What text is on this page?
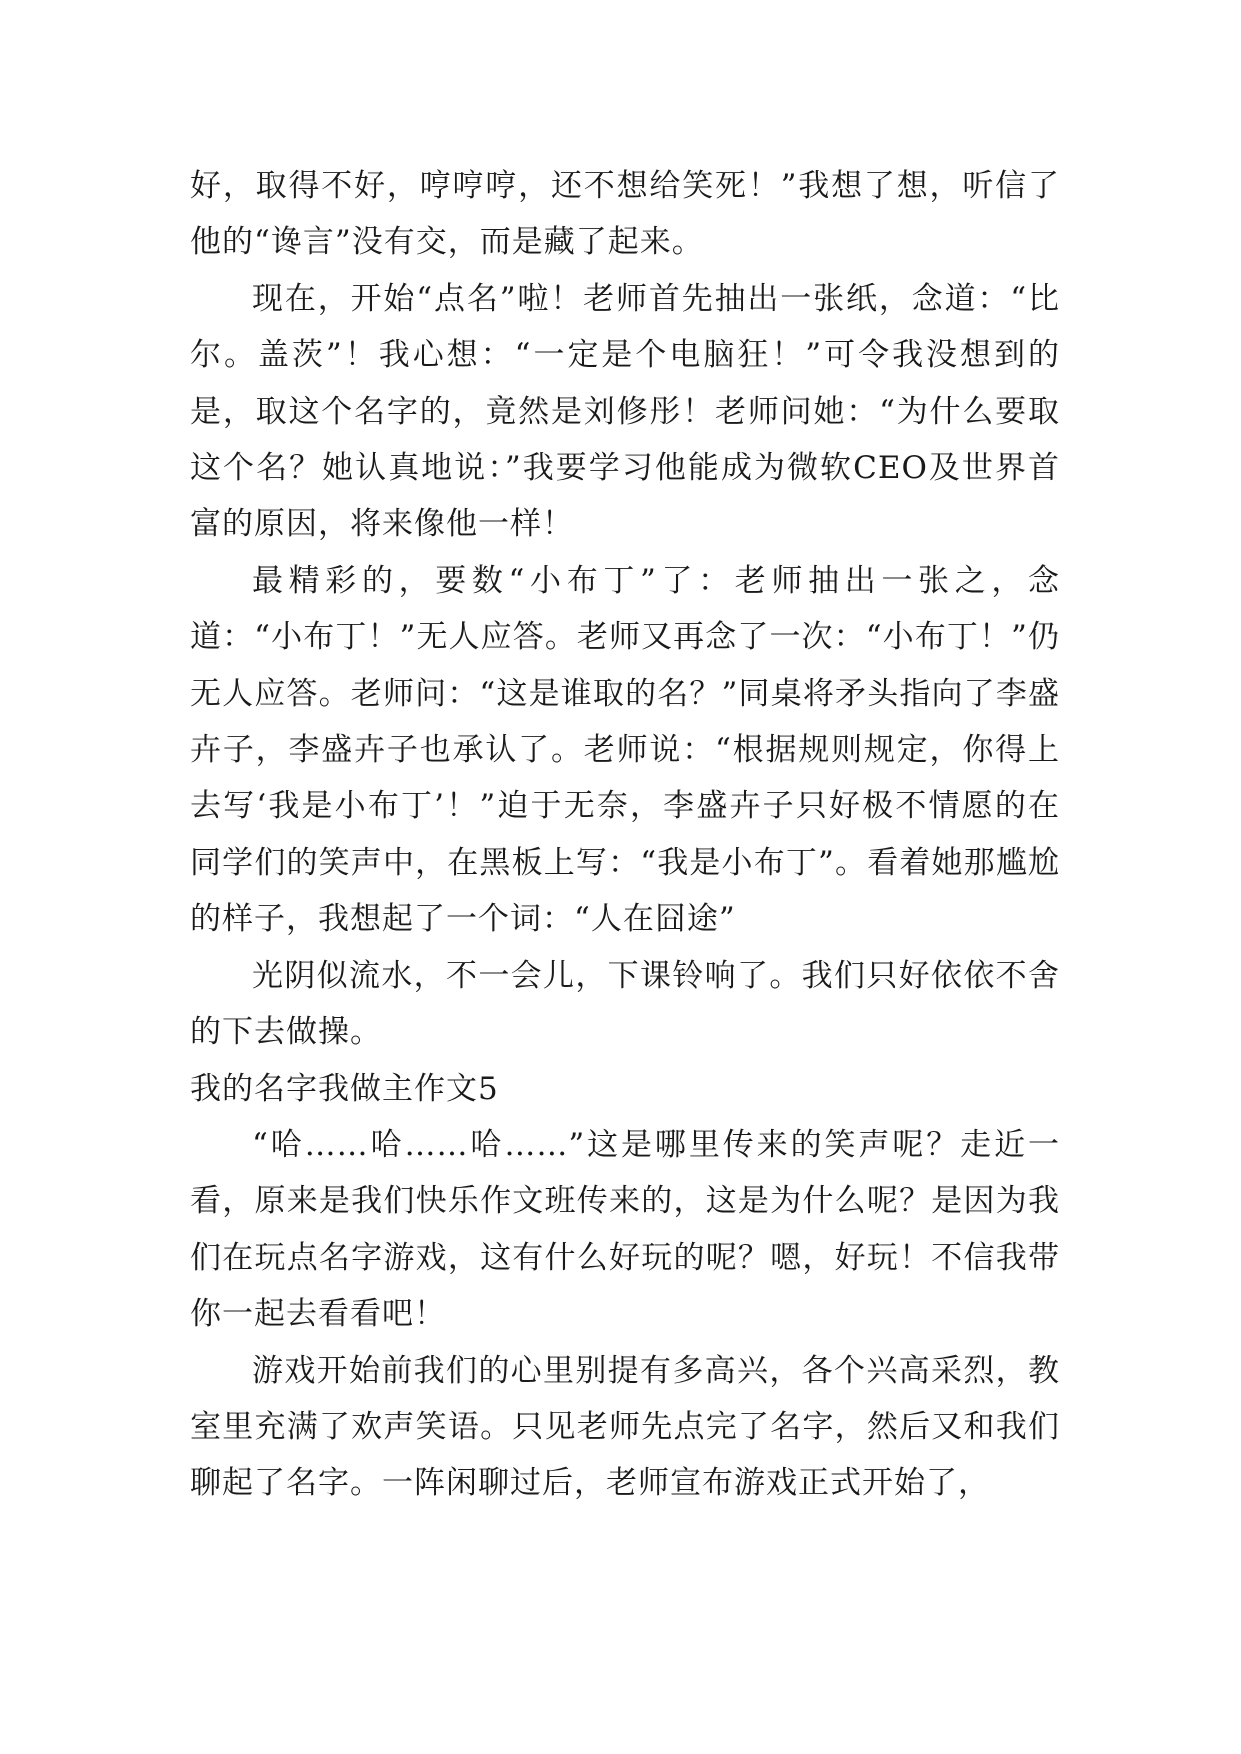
好，取得不好，哼哼哼，还不想给笑死！”我想了想，听信了他的“谗言”没有交，而是藏了起来。

现在，开始“点名”啦！老师首先抽出一张纸，念道：“比尔。盖茨”！我心想：“一定是个电脑狂！”可令我没想到的是，取这个名字的，竟然是刘修彤！老师问她：“为什么要取这个名？她认真地说：”我要学习他能成为微软CEO及世界首富的原因，将来像他一样！

最精彩的，要数“小布丁”了：老师抽出一张之，念道：“小布丁！”无人应答。老师又再念了一次：“小布丁！”仍无人应答。老师问：“这是谁取的名？”同桌将矛头指向了李盛卉子，李盛卉子也承认了。老师说：“根据规则规定，你得上去写‘我是小布丁’！”迫于无奈，李盛卉子只好极不情愿的在同学们的笑声中，在黑板上写：“我是小布丁”。看着她那尴尬的样子，我想起了一个词：“人在囧途”

光阴似流水，不一会儿，下课铃响了。我们只好依依不舍的下去做操。

我的名字我做主作文5

“哈……哈……哈……”这是哪里传来的笑声呢？走近一看，原来是我们快乐作文班传来的，这是为什么呢？是因为我们在玩点名字游戏，这有什么好玩的呢？嗯，好玩！不信我带你一起去看看吧！

游戏开始前我们的心里别提有多高兴，各个兴高采烈，教室里充满了欢声笑语。只见老师先点完了名字，然后又和我们聊起了名字。一阵闲聊过后，老师宣布游戏正式开始了，
